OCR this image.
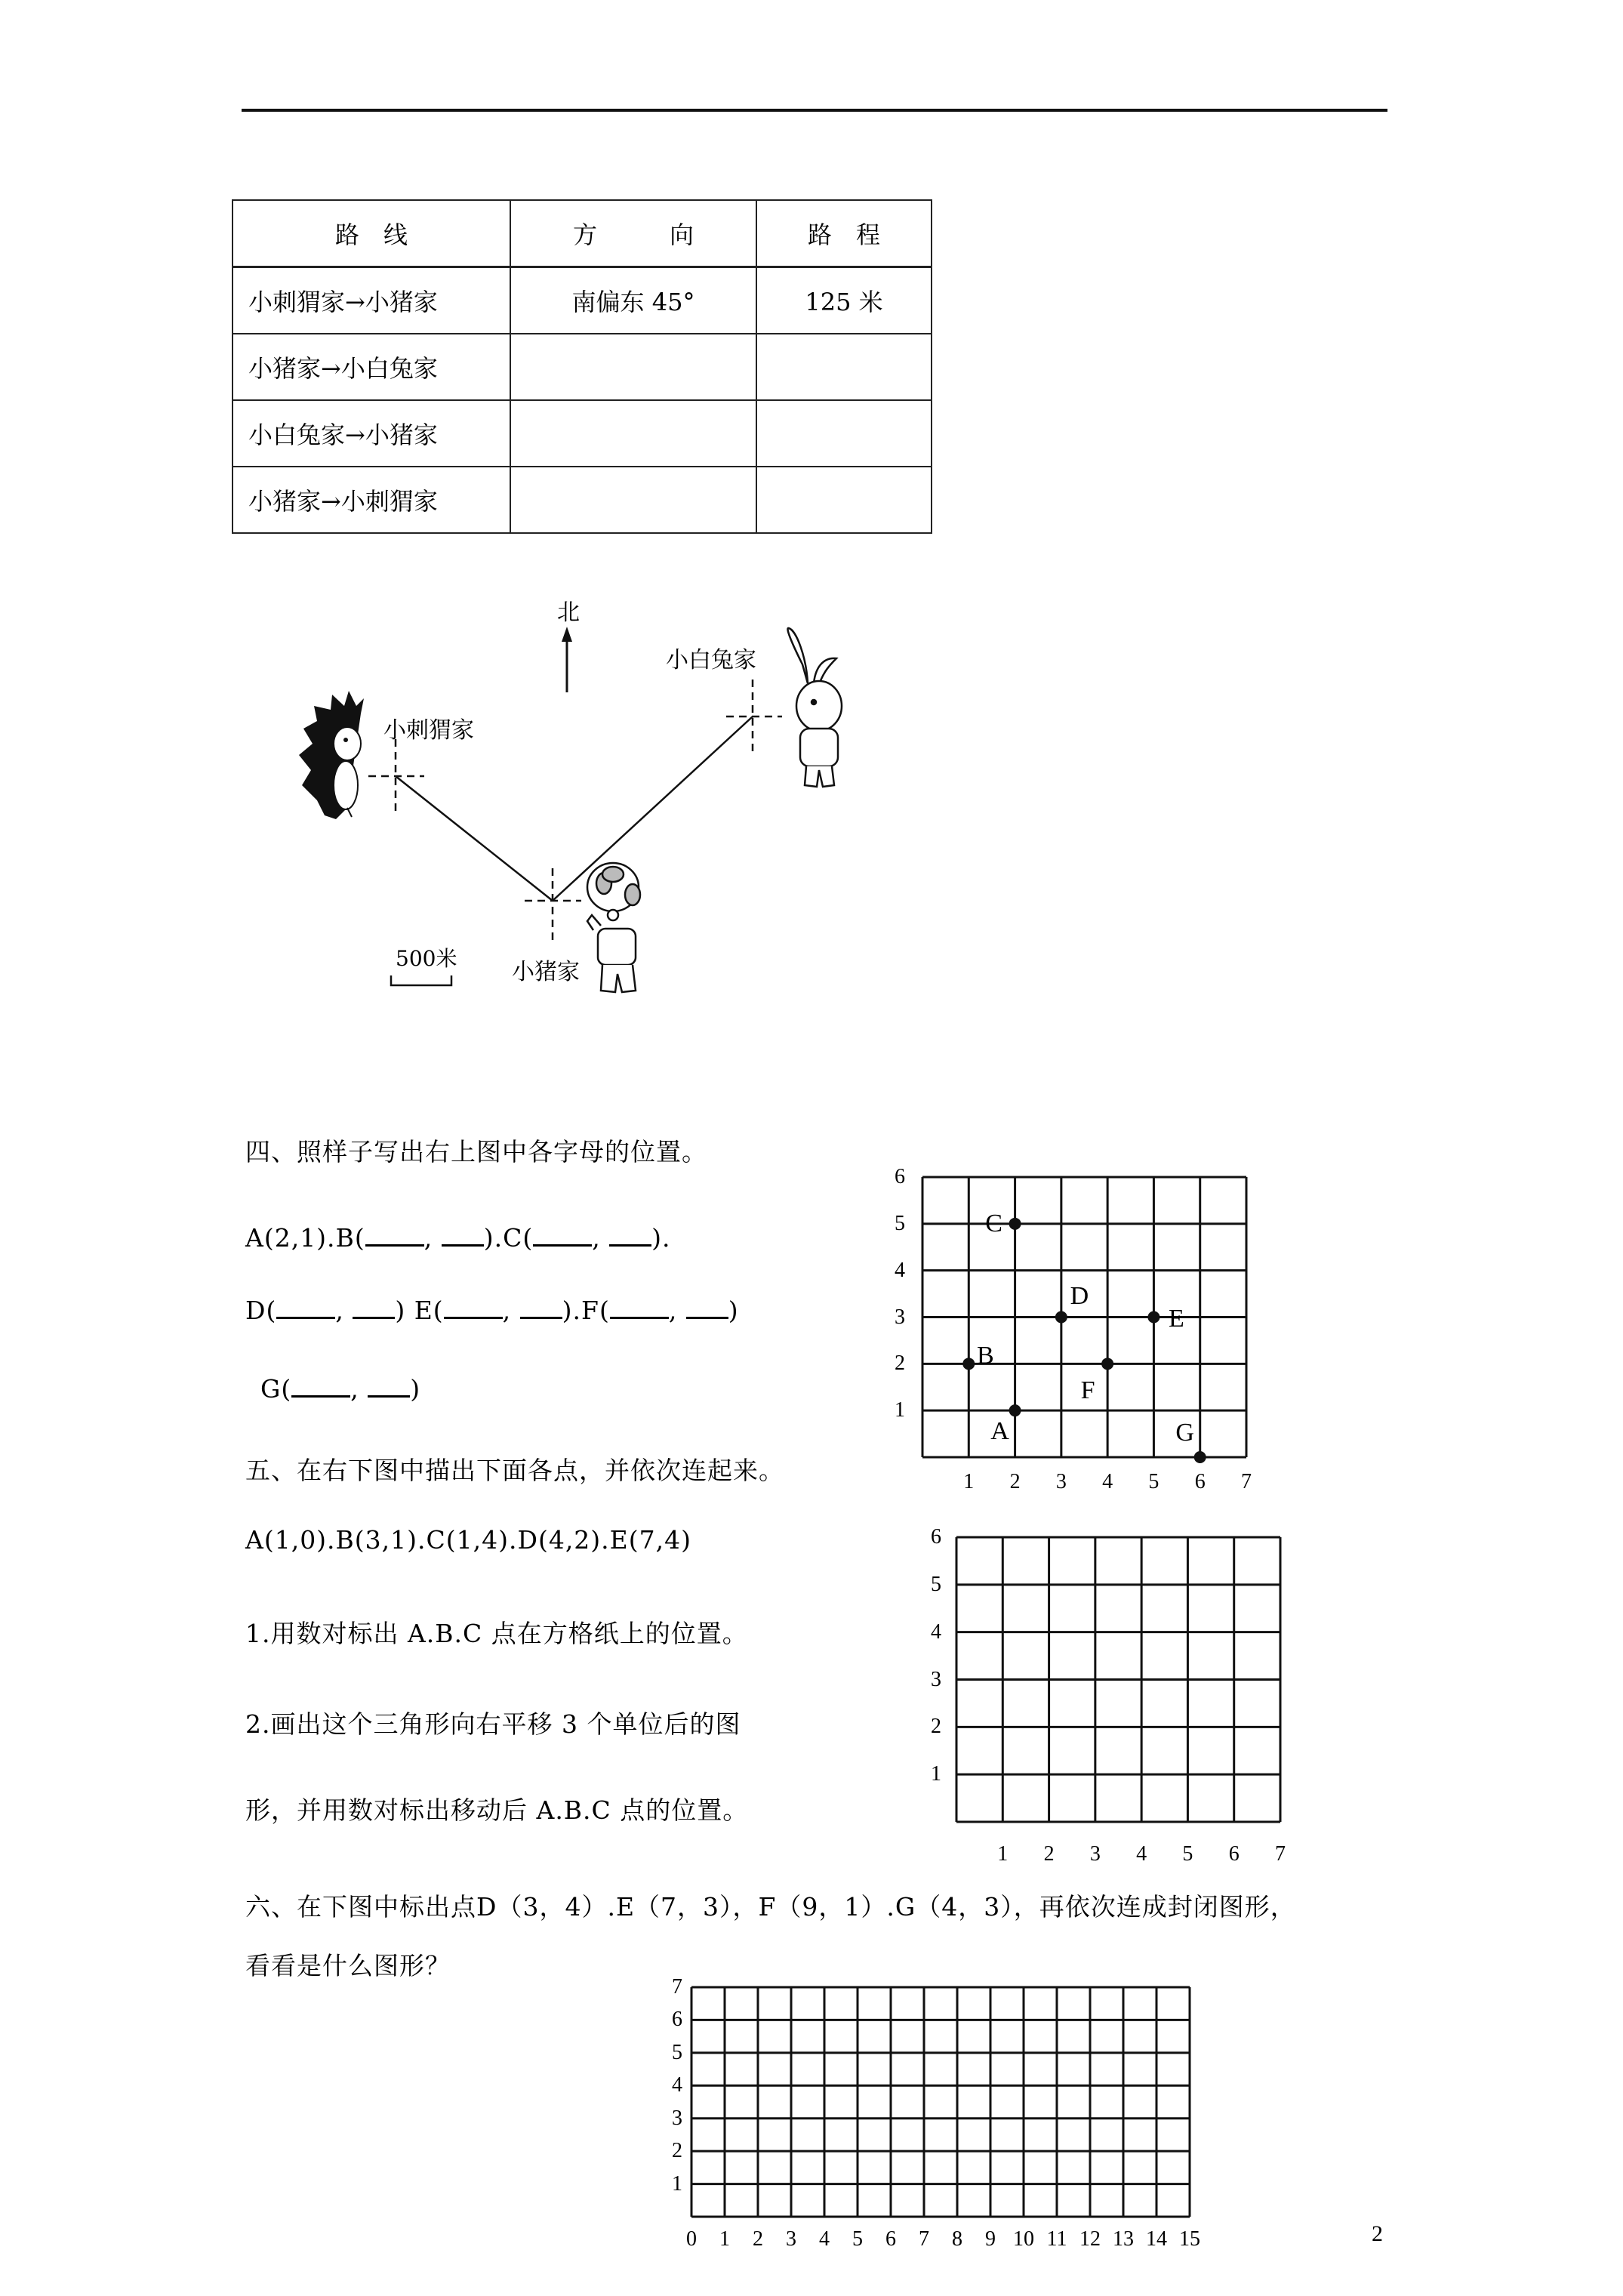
路　线	方　　　向	路　程
小刺猬家→小猪家	南偏东 45°	125 米
小猪家→小白兔家		
小白兔家→小猪家		
小猪家→小刺猬家		
北
小刺猬家
小白兔家
小猪家
500米
四、照样子写出右上图中各字母的位置。
A(2,1).B( , ).C( , ).
D( , ) E( , ).F( , )
G( , )
五、在右下图中描出下面各点，并依次连起来。
A(1,0).B(3,1).C(1,4).D(4,2).E(7,4)
1.用数对标出 A.B.C 点在方格纸上的位置。
2.画出这个三角形向右平移 3 个单位后的图
形，并用数对标出移动后 A.B.C 点的位置。
六、在下图中标出点D（3，4）.E（7，3），F（9，1）.G（4，3），再依次连成封闭图形，
看看是什么图形？
1 2 3 4 5 6 7
1
2
3
4
5
6
A
B
C
D
E
F
G
1 2 3 4 5 6 7
1
2
3
4
5
6
0 1 2 3 4 5 6 7 8 9 10 11 12 13 14 15
1
2
3
4
5
6
7
2
